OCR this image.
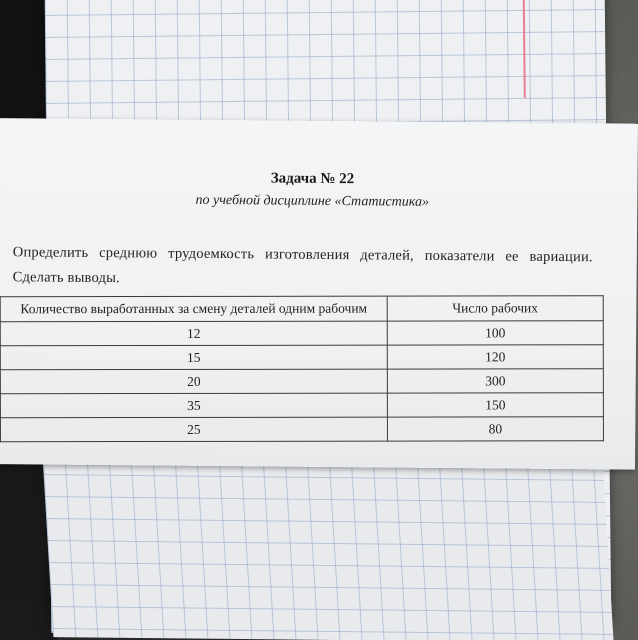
Задача № 22
по учебной дисциплине «Статистика»
Определить среднюю трудоемкость изготовления деталей, показатели ее вариации.
Сделать выводы.
Количество выработанных за смену деталей одним рабочим	Число рабочих
12	100
15	120
20	300
35	150
25	80
